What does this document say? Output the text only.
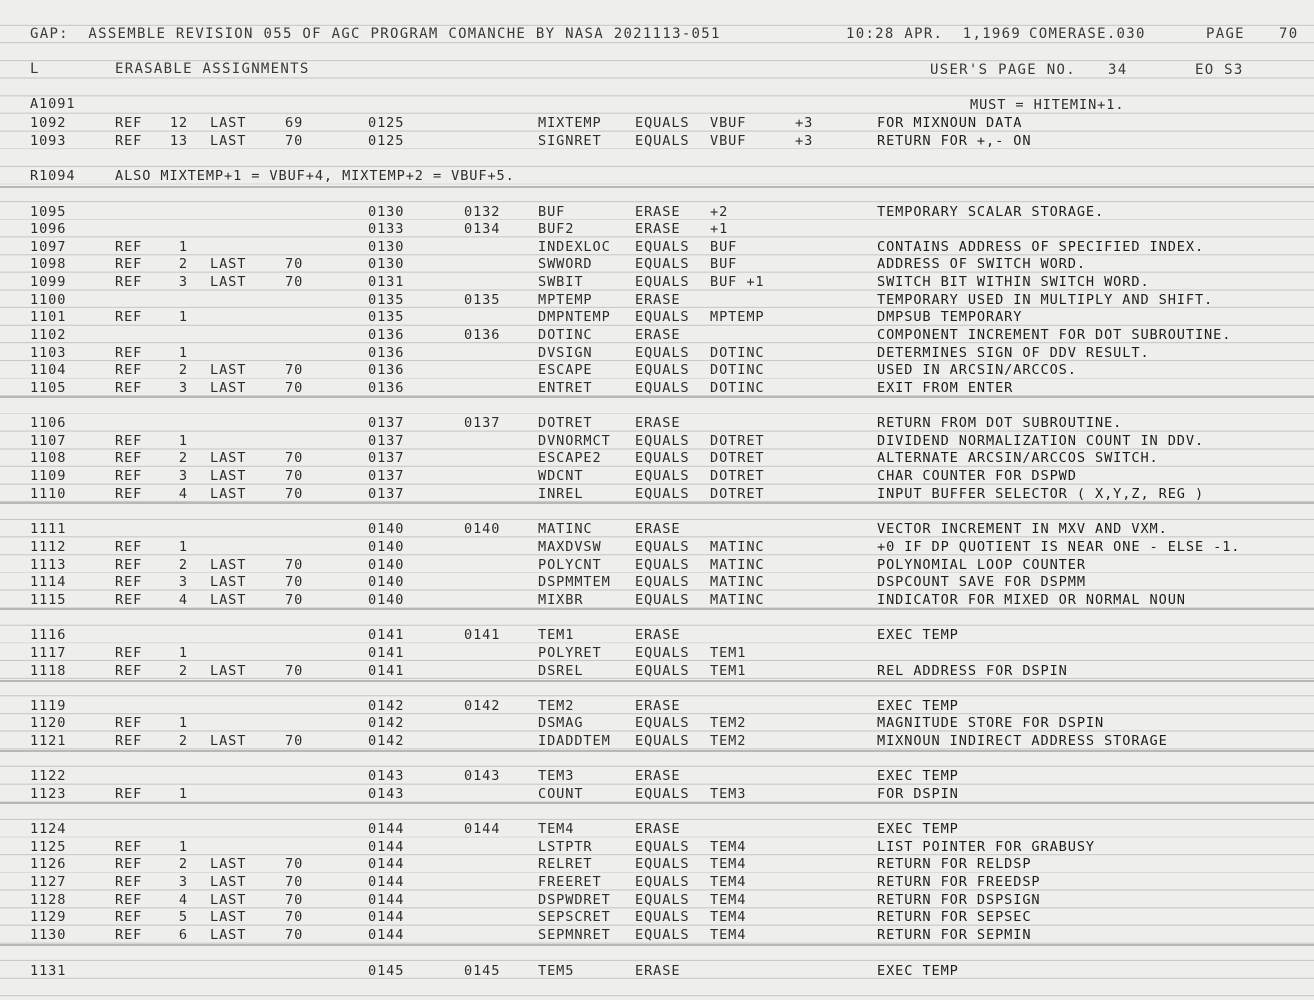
GAP:  ASSEMBLE REVISION 055 OF AGC PROGRAM COMANCHE BY NASA 2021113-051	10:28 APR.  1,1969 COMERASE.030	PAGE 70
L	ERASABLE ASSIGNMENTS	USER'S PAGE NO. 34	EO S3
A1091	MUST = HITEMIN+1.
R1094	ALSO MIXTEMP+1 = VBUF+4, MIXTEMP+2 = VBUF+5.
1092	REF 12 LAST	69	0125	MIXTEMP EQUALS VBUF	+3	FOR MIXNOUN DATA
1093	REF 13 LAST	70	0125	SIGNRET EQUALS VBUF	+3	RETURN FOR +,- ON
1095	0130	0132	BUF	ERASE +2	TEMPORARY SCALAR STORAGE.
1096	0133	0134	BUF2	ERASE +1
1097	REF	1	0130	INDEXLOC EQUALS BUF	CONTAINS ADDRESS OF SPECIFIED INDEX.
1098	REF	2 LAST	70	0130	SWWORD	EQUALS BUF	ADDRESS OF SWITCH WORD.
1099	REF	3 LAST	70	0131	SWBIT	EQUALS BUF +1	SWITCH BIT WITHIN SWITCH WORD.
1100	0135	0135	MPTEMP	ERASE	TEMPORARY USED IN MULTIPLY AND SHIFT.
1101	REF	1	0135	DMPNTEMP EQUALS MPTEMP	DMPSUB TEMPORARY
1102	0136	0136	DOTINC	ERASE	COMPONENT INCREMENT FOR DOT SUBROUTINE.
1103	REF	1	0136	DVSIGN	EQUALS DOTINC	DETERMINES SIGN OF DDV RESULT.
1104	REF	2 LAST	70	0136	ESCAPE	EQUALS DOTINC	USED IN ARCSIN/ARCCOS.
1105	REF	3 LAST	70	0136	ENTRET	EQUALS DOTINC	EXIT FROM ENTER
1106	0137	0137	DOTRET	ERASE	RETURN FROM DOT SUBROUTINE.
1107	REF	1	0137	DVNORMCT EQUALS DOTRET	DIVIDEND NORMALIZATION COUNT IN DDV.
1108	REF	2 LAST	70	0137	ESCAPE2 EQUALS DOTRET	ALTERNATE ARCSIN/ARCCOS SWITCH.
1109	REF	3 LAST	70	0137	WDCNT	EQUALS DOTRET	CHAR COUNTER FOR DSPWD
1110	REF	4 LAST	70	0137	INREL	EQUALS DOTRET	INPUT BUFFER SELECTOR ( X,Y,Z, REG )
1111	0140	0140	MATINC	ERASE	VECTOR INCREMENT IN MXV AND VXM.
1112	REF	1	0140	MAXDVSW EQUALS MATINC	+0 IF DP QUOTIENT IS NEAR ONE - ELSE -1.
1113	REF	2 LAST	70	0140	POLYCNT EQUALS MATINC	POLYNOMIAL LOOP COUNTER
1114	REF	3 LAST	70	0140	DSPMMTEM EQUALS MATINC	DSPCOUNT SAVE FOR DSPMM
1115	REF	4 LAST	70	0140	MIXBR	EQUALS MATINC	INDICATOR FOR MIXED OR NORMAL NOUN
1116	0141	0141	TEM1	ERASE	EXEC TEMP
1117	REF	1	0141	POLYRET EQUALS TEM1
1118	REF	2 LAST	70	0141	DSREL	EQUALS TEM1	REL ADDRESS FOR DSPIN
1119	0142	0142	TEM2	ERASE	EXEC TEMP
1120	REF	1	0142	DSMAG	EQUALS TEM2	MAGNITUDE STORE FOR DSPIN
1121	REF	2 LAST	70	0142	IDADDTEM EQUALS TEM2	MIXNOUN INDIRECT ADDRESS STORAGE
1122	0143	0143	TEM3	ERASE	EXEC TEMP
1123	REF	1	0143	COUNT	EQUALS TEM3	FOR DSPIN
1124	0144	0144	TEM4	ERASE	EXEC TEMP
1125	REF	1	0144	LSTPTR	EQUALS TEM4	LIST POINTER FOR GRABUSY
1126	REF	2 LAST	70	0144	RELRET	EQUALS TEM4	RETURN FOR RELDSP
1127	REF	3 LAST	70	0144	FREERET EQUALS TEM4	RETURN FOR FREEDSP
1128	REF	4 LAST	70	0144	DSPWDRET EQUALS TEM4	RETURN FOR DSPSIGN
1129	REF	5 LAST	70	0144	SEPSCRET EQUALS TEM4	RETURN FOR SEPSEC
1130	REF	6 LAST	70	0144	SEPMNRET EQUALS TEM4	RETURN FOR SEPMIN
1131	0145	0145	TEM5	ERASE	EXEC TEMP
